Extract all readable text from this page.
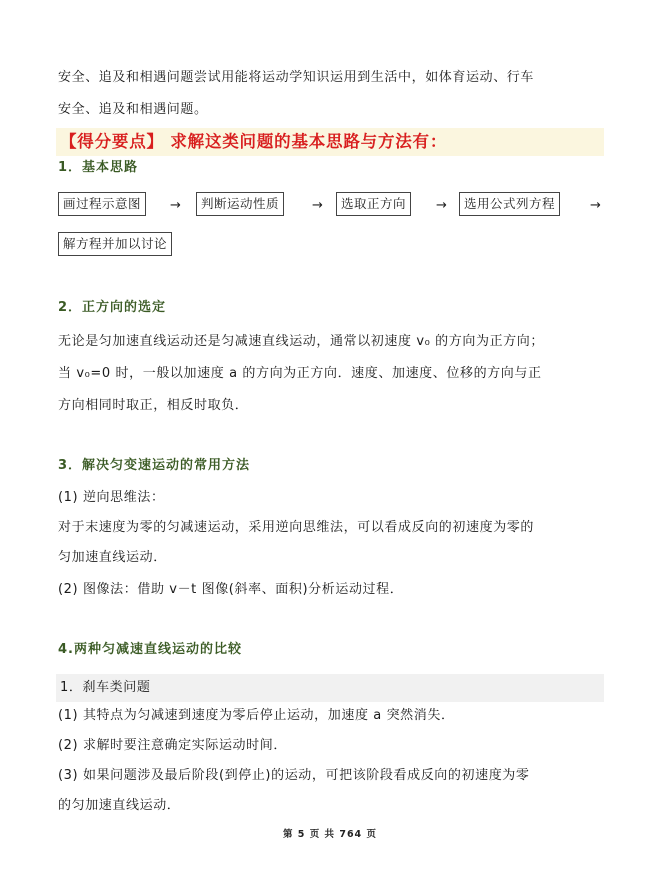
安全、追及和相遇问题尝试用能将运动学知识运用到生活中，如体育运动、行车
安全、追及和相遇问题。
【得分要点】 求解这类问题的基本思路与方法有：
1．基本思路
画过程示意图	→	判断运动性质	→	选取正方向	→	选用公式列方程	→
解方程并加以讨论
2．正方向的选定
无论是匀加速直线运动还是匀减速直线运动，通常以初速度 v₀ 的方向为正方向；
当 v₀=0 时，一般以加速度 a 的方向为正方向．速度、加速度、位移的方向与正
方向相同时取正，相反时取负．
3．解决匀变速运动的常用方法
(1) 逆向思维法：
对于末速度为零的匀减速运动，采用逆向思维法，可以看成反向的初速度为零的
匀加速直线运动．
(2) 图像法：借助 v－t 图像(斜率、面积)分析运动过程．
4.两种匀减速直线运动的比较
1．刹车类问题
(1) 其特点为匀减速到速度为零后停止运动，加速度 a 突然消失．
(2) 求解时要注意确定实际运动时间．
(3) 如果问题涉及最后阶段(到停止)的运动，可把该阶段看成反向的初速度为零
的匀加速直线运动．
第 5 页 共 764 页
